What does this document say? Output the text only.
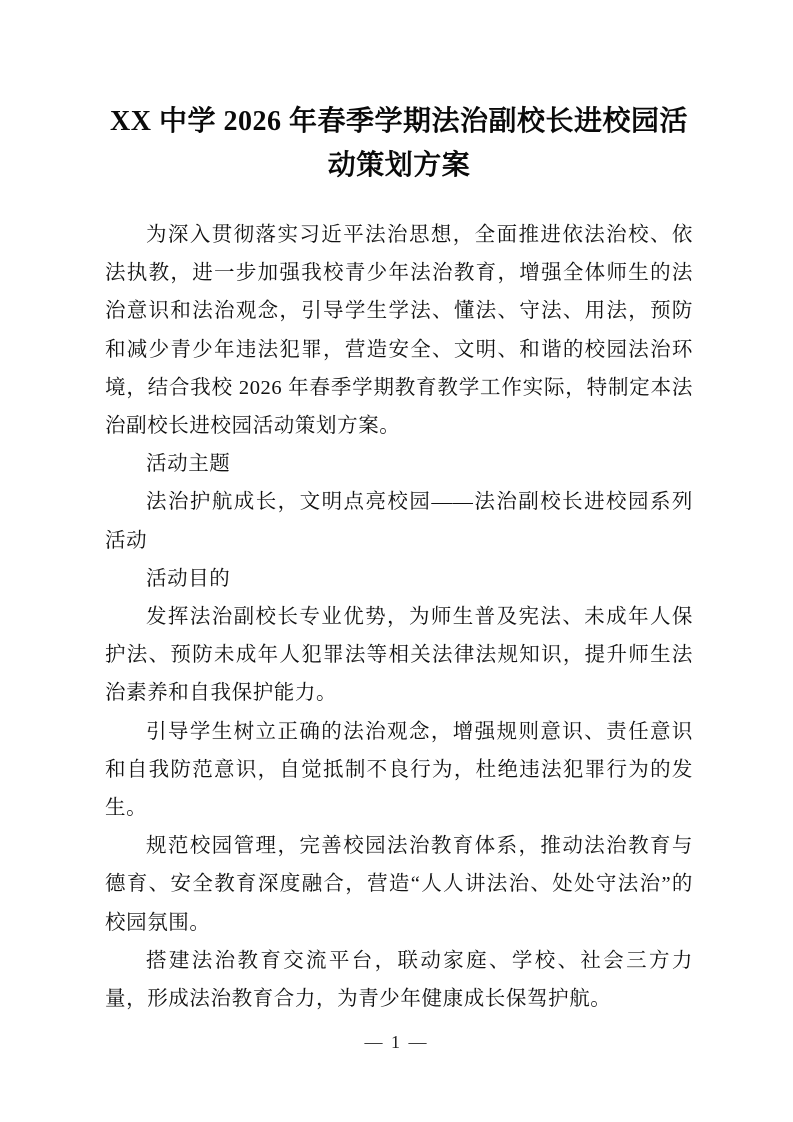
XX 中学 2026 年春季学期法治副校长进校园活动策划方案

为深入贯彻落实习近平法治思想，全面推进依法治校、依法执教，进一步加强我校青少年法治教育，增强全体师生的法治意识和法治观念，引导学生学法、懂法、守法、用法，预防和减少青少年违法犯罪，营造安全、文明、和谐的校园法治环境，结合我校 2026 年春季学期教育教学工作实际，特制定本法治副校长进校园活动策划方案。

活动主题

法治护航成长，文明点亮校园——法治副校长进校园系列活动

活动目的

发挥法治副校长专业优势，为师生普及宪法、未成年人保护法、预防未成年人犯罪法等相关法律法规知识，提升师生法治素养和自我保护能力。

引导学生树立正确的法治观念，增强规则意识、责任意识和自我防范意识，自觉抵制不良行为，杜绝违法犯罪行为的发生。

规范校园管理，完善校园法治教育体系，推动法治教育与德育、安全教育深度融合，营造“人人讲法治、处处守法治”的校园氛围。

搭建法治教育交流平台，联动家庭、学校、社会三方力量，形成法治教育合力，为青少年健康成长保驾护航。

— 1 —
